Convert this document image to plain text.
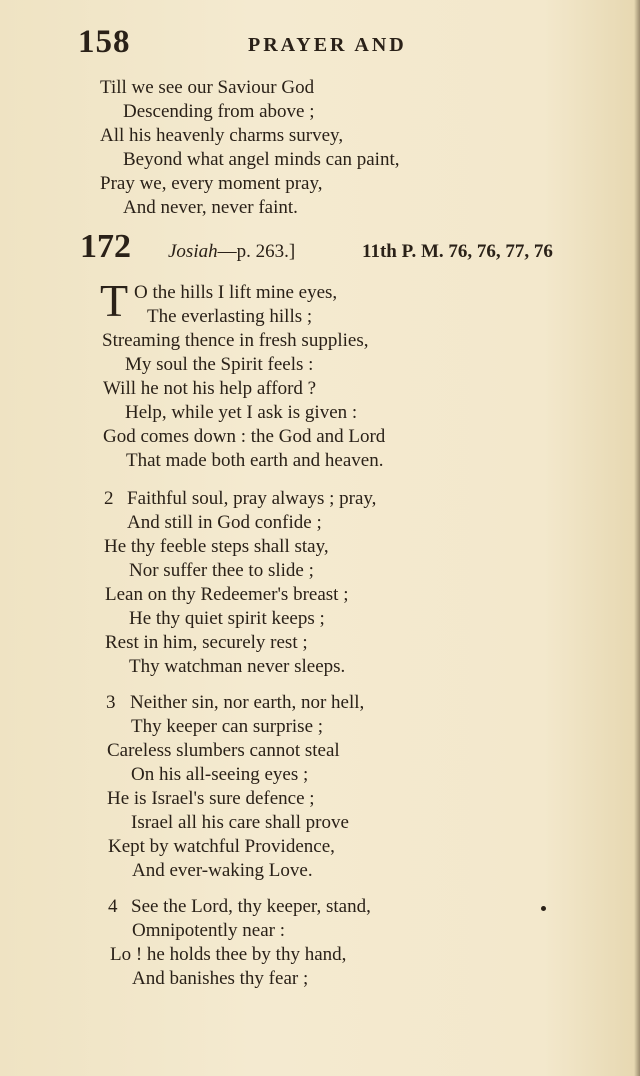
158	PRAYER AND
Till we see our Saviour God
Descending from above ;
All his heavenly charms survey,
Beyond what angel minds can paint,
Pray we, every moment pray,
And never, never faint.
172 Josiah—p. 263.]	11th P. M. 76, 76, 77, 76
T O the hills I lift mine eyes,
The everlasting hills ;
Streaming thence in fresh supplies,
My soul the Spirit feels :
Will he not his help afford ?
Help, while yet I ask is given :
God comes down : the God and Lord
That made both earth and heaven.
2 Faithful soul, pray always ; pray,
And still in God confide ;
He thy feeble steps shall stay,
Nor suffer thee to slide ;
Lean on thy Redeemer's breast ;
He thy quiet spirit keeps ;
Rest in him, securely rest ;
Thy watchman never sleeps.
3 Neither sin, nor earth, nor hell,
Thy keeper can surprise ;
Careless slumbers cannot steal
On his all-seeing eyes ;
He is Israel's sure defence ;
Israel all his care shall prove
Kept by watchful Providence,
And ever-waking Love.
4 See the Lord, thy keeper, stand,
Omnipotently near :
Lo ! he holds thee by thy hand,
And banishes thy fear ;
